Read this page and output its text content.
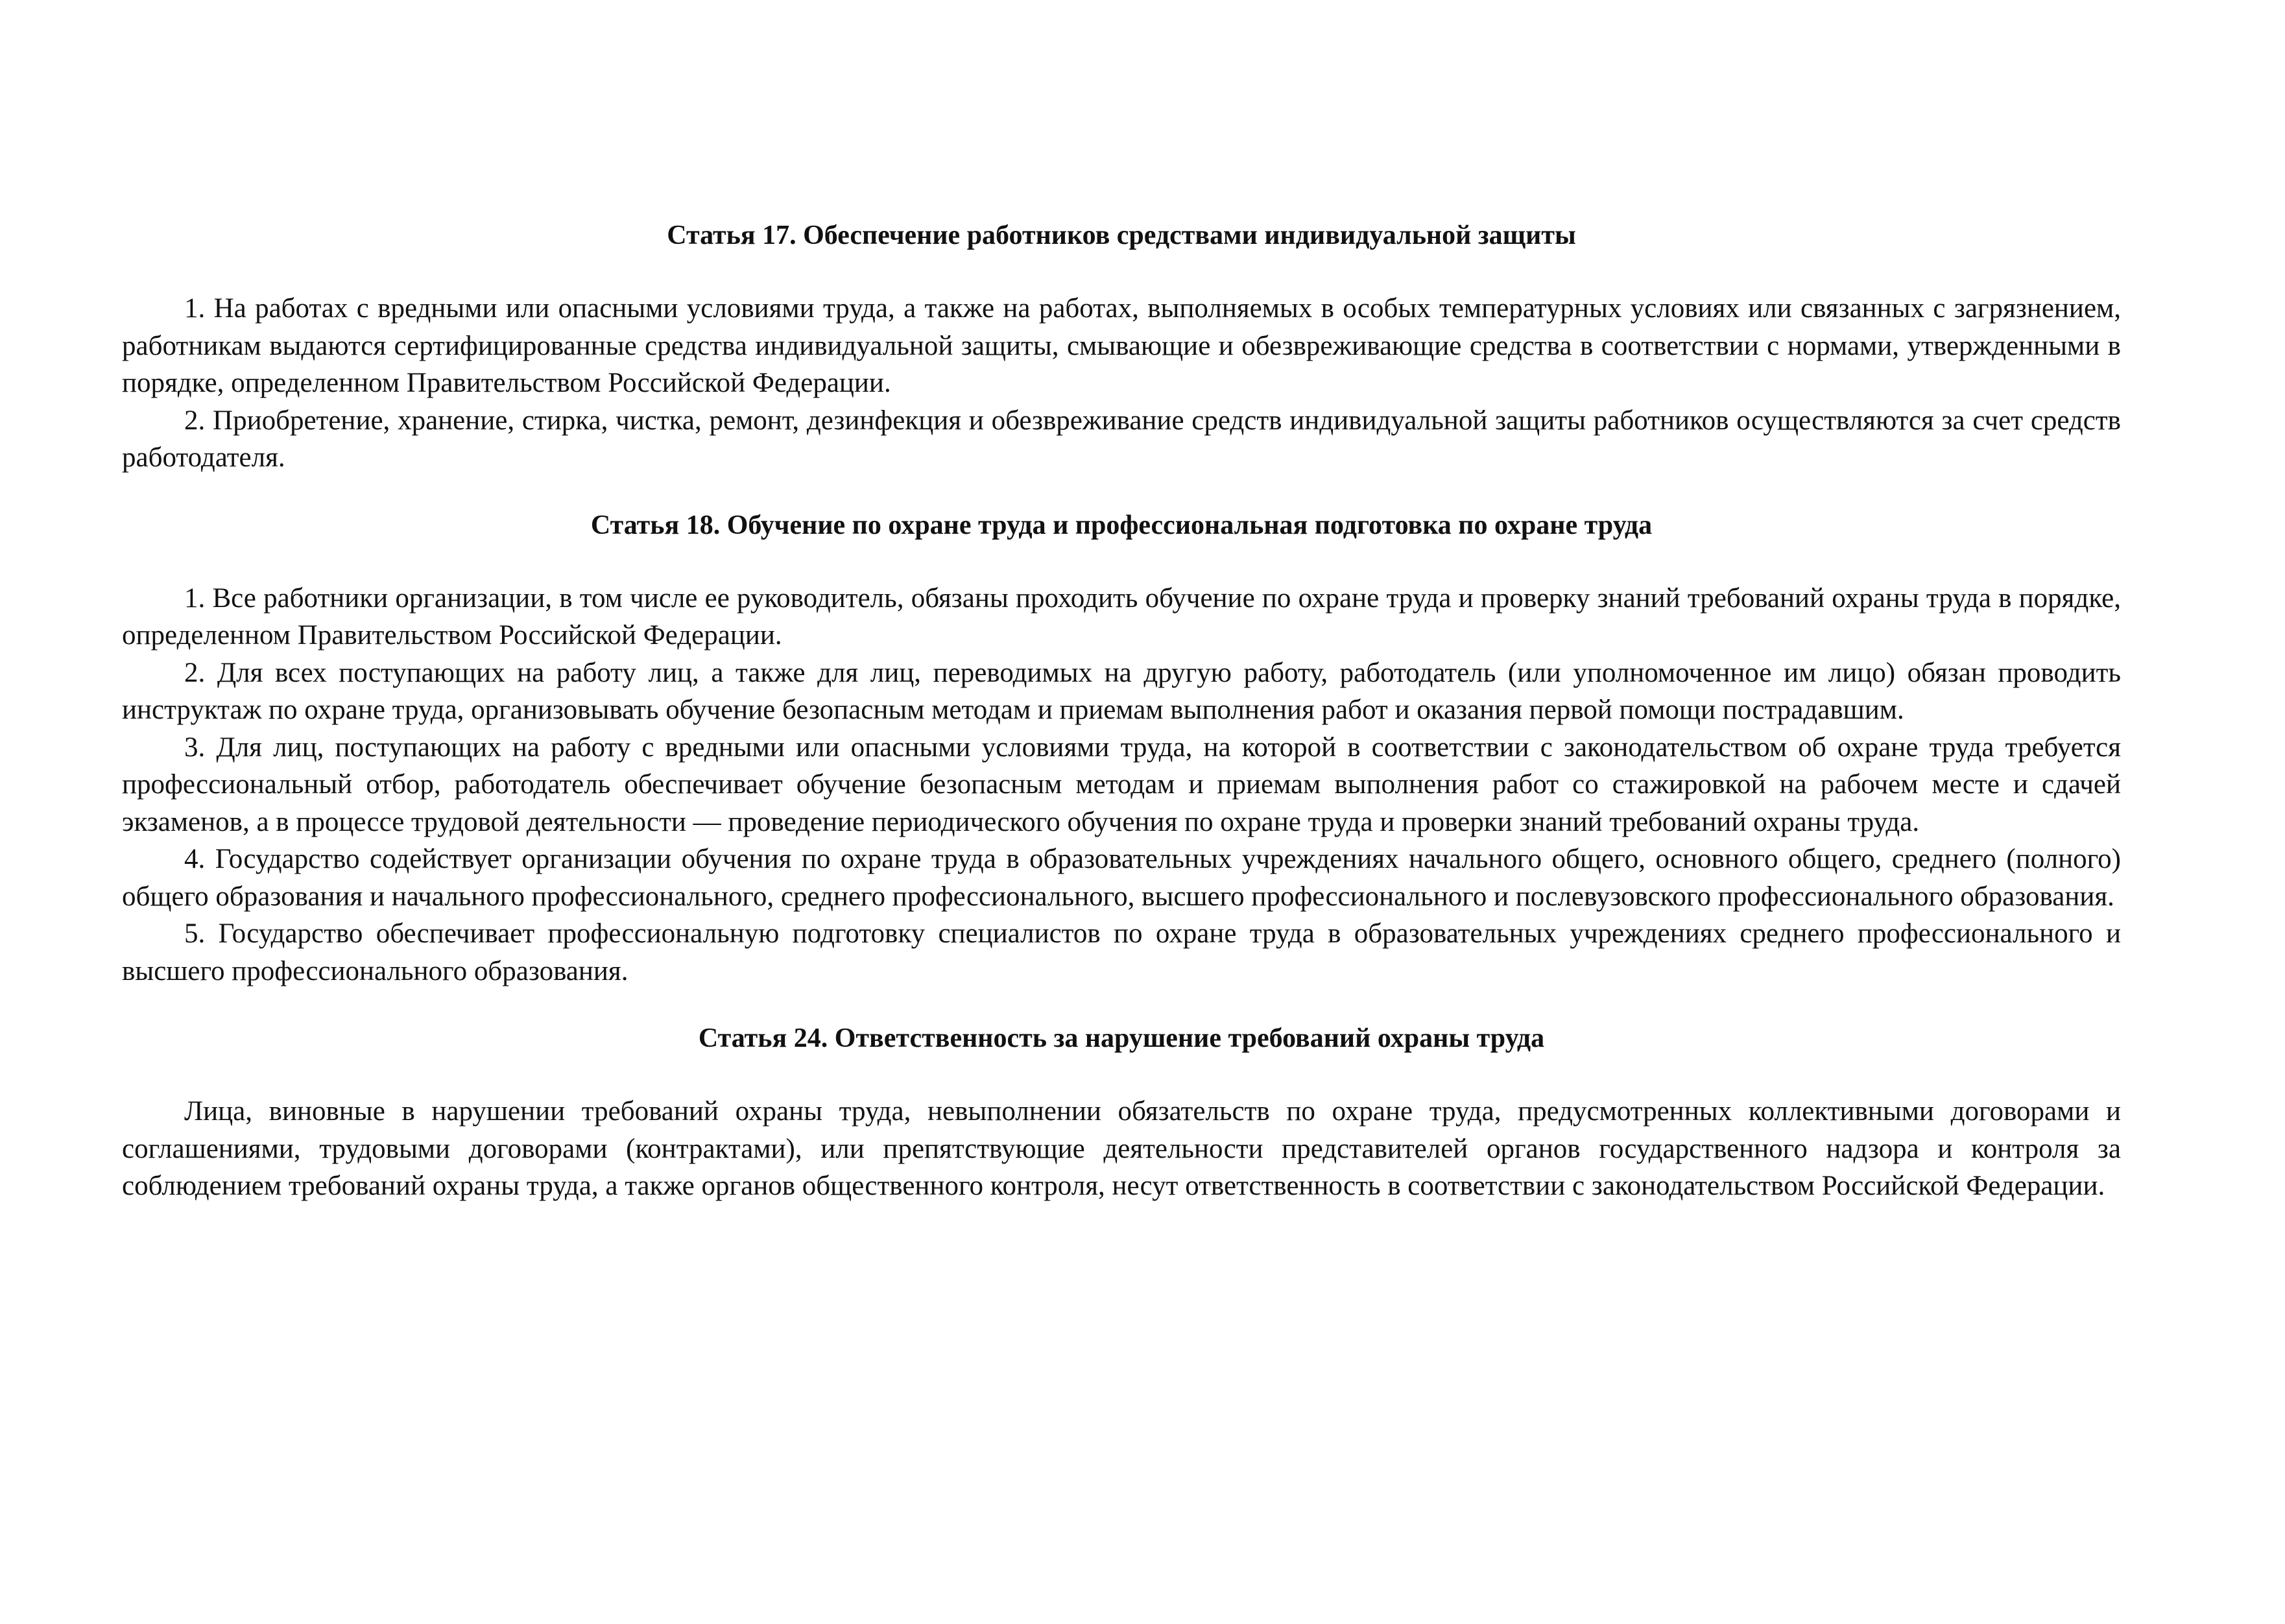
Статья 17. Обеспечение работников средствами индивидуальной защиты

1. На работах с вредными или опасными условиями труда, а также на работах, выполняемых в особых температурных условиях или связанных с загрязнением, работникам выдаются сертифицированные средства индивидуальной защиты, смывающие и обезвреживающие средства в соответствии с нормами, утвержденными в порядке, определенном Правительством Российской Федерации.

2. Приобретение, хранение, стирка, чистка, ремонт, дезинфекция и обезвреживание средств индивидуальной защиты работников осуществляются за счет средств работодателя.

Статья 18. Обучение по охране труда и профессиональная подготовка по охране труда

1. Все работники организации, в том числе ее руководитель, обязаны проходить обучение по охране труда и проверку знаний требований охраны труда в порядке, определенном Правительством Российской Федерации.

2. Для всех поступающих на работу лиц, а также для лиц, переводимых на другую работу, работодатель (или уполномоченное им лицо) обязан проводить инструктаж по охране труда, организовывать обучение безопасным методам и приемам выполнения работ и оказания первой помощи пострадавшим.

3. Для лиц, поступающих на работу с вредными или опасными условиями труда, на которой в соответствии с законодательством об охране труда требуется профессиональный отбор, работодатель обеспечивает обучение безопасным методам и приемам выполнения работ со стажировкой на рабочем месте и сдачей экзаменов, а в процессе трудовой деятельности — проведение периодического обучения по охране труда и проверки знаний требований охраны труда.

4. Государство содействует организации обучения по охране труда в образовательных учреждениях начального общего, основного общего, среднего (полного) общего образования и начального профессионального, среднего профессионального, высшего профессионального и послевузовского профессионального образования.

5. Государство обеспечивает профессиональную подготовку специалистов по охране труда в образовательных учреждениях среднего профессионального и высшего профессионального образования.

Статья 24. Ответственность за нарушение требований охраны труда

Лица, виновные в нарушении требований охраны труда, невыполнении обязательств по охране труда, предусмотренных коллективными договорами и соглашениями, трудовыми договорами (контрактами), или препятствующие деятельности представителей органов государственного надзора и контроля за соблюдением требований охраны труда, а также органов общественного контроля, несут ответственность в соответствии с законодательством Российской Федерации.
